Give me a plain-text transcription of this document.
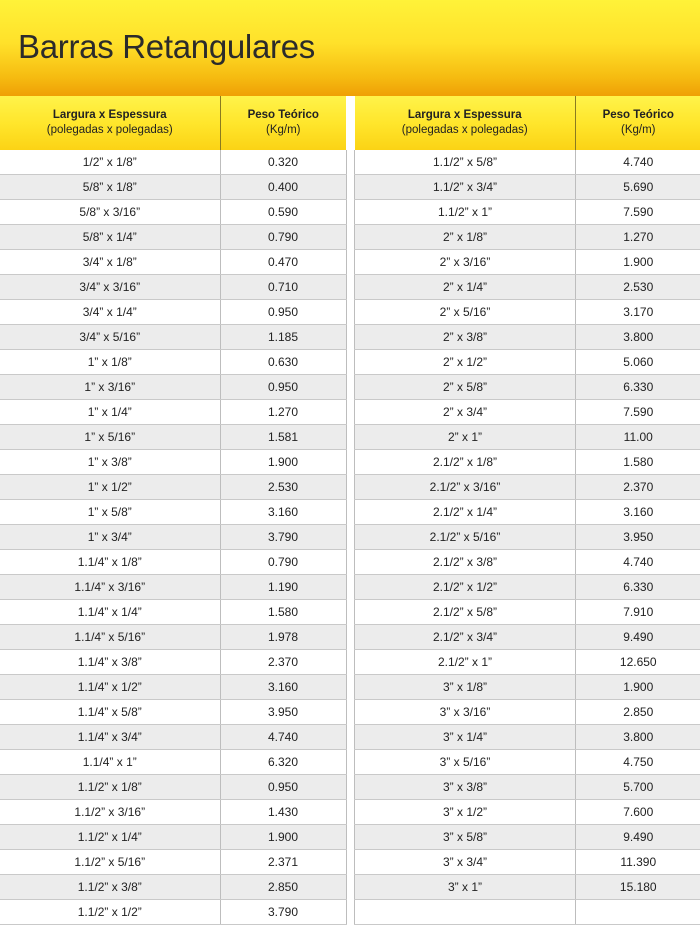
Barras Retangulares
Largura x Espessura
(polegadas x polegadas)	Peso Teórico
(Kg/m)

1/2” x 1/8”	0.320
5/8” x 1/8”	0.400
5/8” x 3/16”	0.590
5/8” x 1/4”	0.790
3/4” x 1/8”	0.470
3/4” x 3/16”	0.710
3/4” x 1/4”	0.950
3/4” x 5/16”	1.185
1” x 1/8”	0.630
1” x 3/16”	0.950
1” x 1/4”	1.270
1” x 5/16”	1.581
1” x 3/8”	1.900
1” x 1/2”	2.530
1” x 5/8”	3.160
1” x 3/4”	3.790
1.1/4” x 1/8”	0.790
1.1/4” x 3/16”	1.190
1.1/4” x 1/4”	1.580
1.1/4” x 5/16”	1.978
1.1/4” x 3/8”	2.370
1.1/4” x 1/2”	3.160
1.1/4” x 5/8”	3.950
1.1/4” x 3/4”	4.740
1.1/4” x 1”	6.320
1.1/2” x 1/8”	0.950
1.1/2” x 3/16”	1.430
1.1/2” x 1/4”	1.900
1.1/2” x 5/16”	2.371
1.1/2” x 3/8”	2.850
1.1/2” x 1/2”	3.790
Largura x Espessura
(polegadas x polegadas)	Peso Teórico
(Kg/m)

1.1/2” x 5/8”	4.740
1.1/2” x 3/4”	5.690
1.1/2” x 1”	7.590
2” x 1/8”	1.270
2” x 3/16”	1.900
2” x 1/4”	2.530
2” x 5/16”	3.170
2” x 3/8”	3.800
2” x 1/2”	5.060
2” x 5/8”	6.330
2” x 3/4”	7.590
2” x 1”	11.00
2.1/2” x 1/8”	1.580
2.1/2” x 3/16”	2.370
2.1/2” x 1/4”	3.160
2.1/2” x 5/16”	3.950
2.1/2” x 3/8”	4.740
2.1/2” x 1/2”	6.330
2.1/2” x 5/8”	7.910
2.1/2” x 3/4”	9.490
2.1/2” x 1”	12.650
3” x 1/8”	1.900
3” x 3/16”	2.850
3” x 1/4”	3.800
3” x 5/16”	4.750
3” x 3/8”	5.700
3” x 1/2”	7.600
3” x 5/8”	9.490
3” x 3/4”	11.390
3” x 1”	15.180
